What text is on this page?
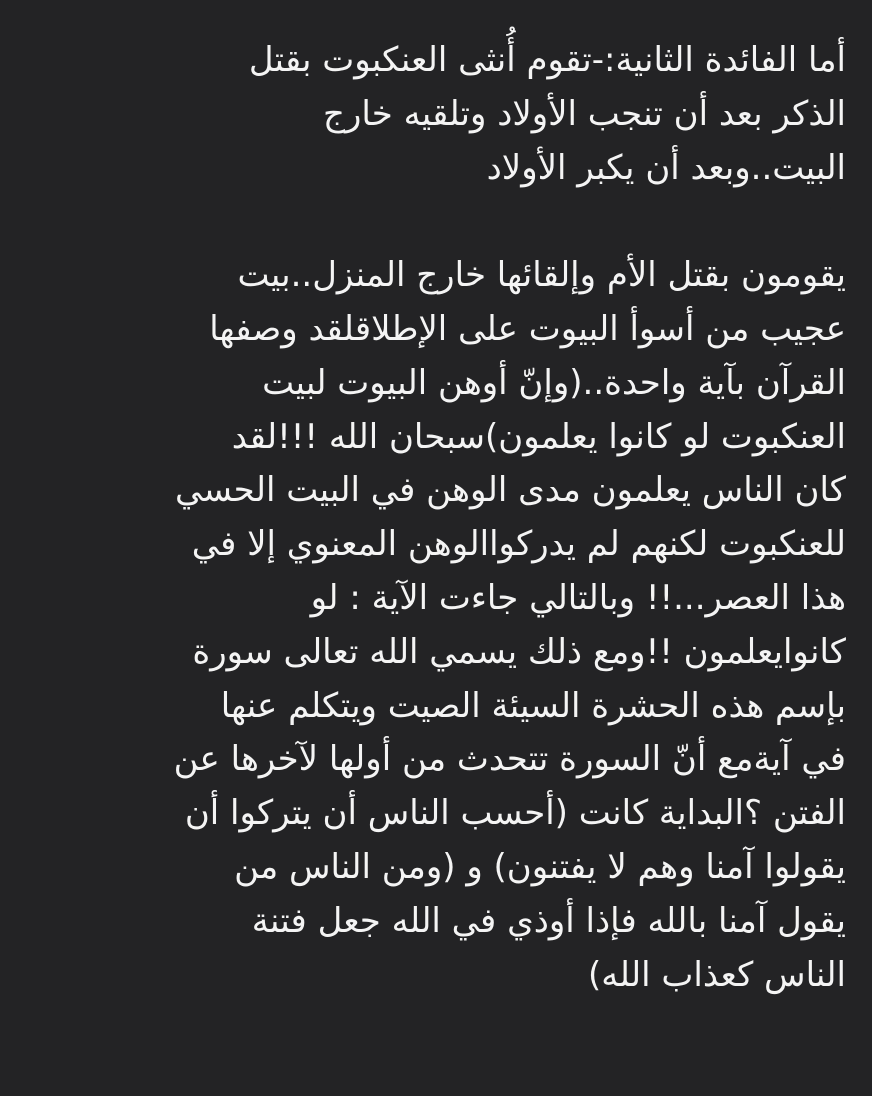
أما الفائدة الثانية:-تقوم أُنثى العنكبوت بقتل
الذكر بعد أن تنجب الأولاد وتلقيه خارج
البيت..وبعد أن يكبر الأولاد
يقومون بقتل الأم وإلقائها خارج المنزل..بيت
عجيب من أسوأ البيوت على الإطلاقلقد وصفها
القرآن بآية واحدة..(وإنّ أوهن البيوت لبيت
العنكبوت لو كانوا يعلمون)سبحان الله !!!لقد
كان الناس يعلمون مدى الوهن في البيت الحسي
للعنكبوت لكنهم لم يدركواالوهن المعنوي إلا في
هذا العصر...!! وبالتالي جاءت الآية : لو
كانوايعلمون !!ومع ذلك يسمي الله تعالى سورة
بإسم هذه الحشرة السيئة الصيت ويتكلم عنها
في آيةمع أنّ السورة تتحدث من أولها لآخرها عن
الفتن ؟البداية كانت (أحسب الناس أن يتركوا أن
يقولوا آمنا وهم لا يفتنون) و (ومن الناس من
يقول آمنا بالله فإذا أوذي في الله جعل فتنة
الناس كعذاب الله)
